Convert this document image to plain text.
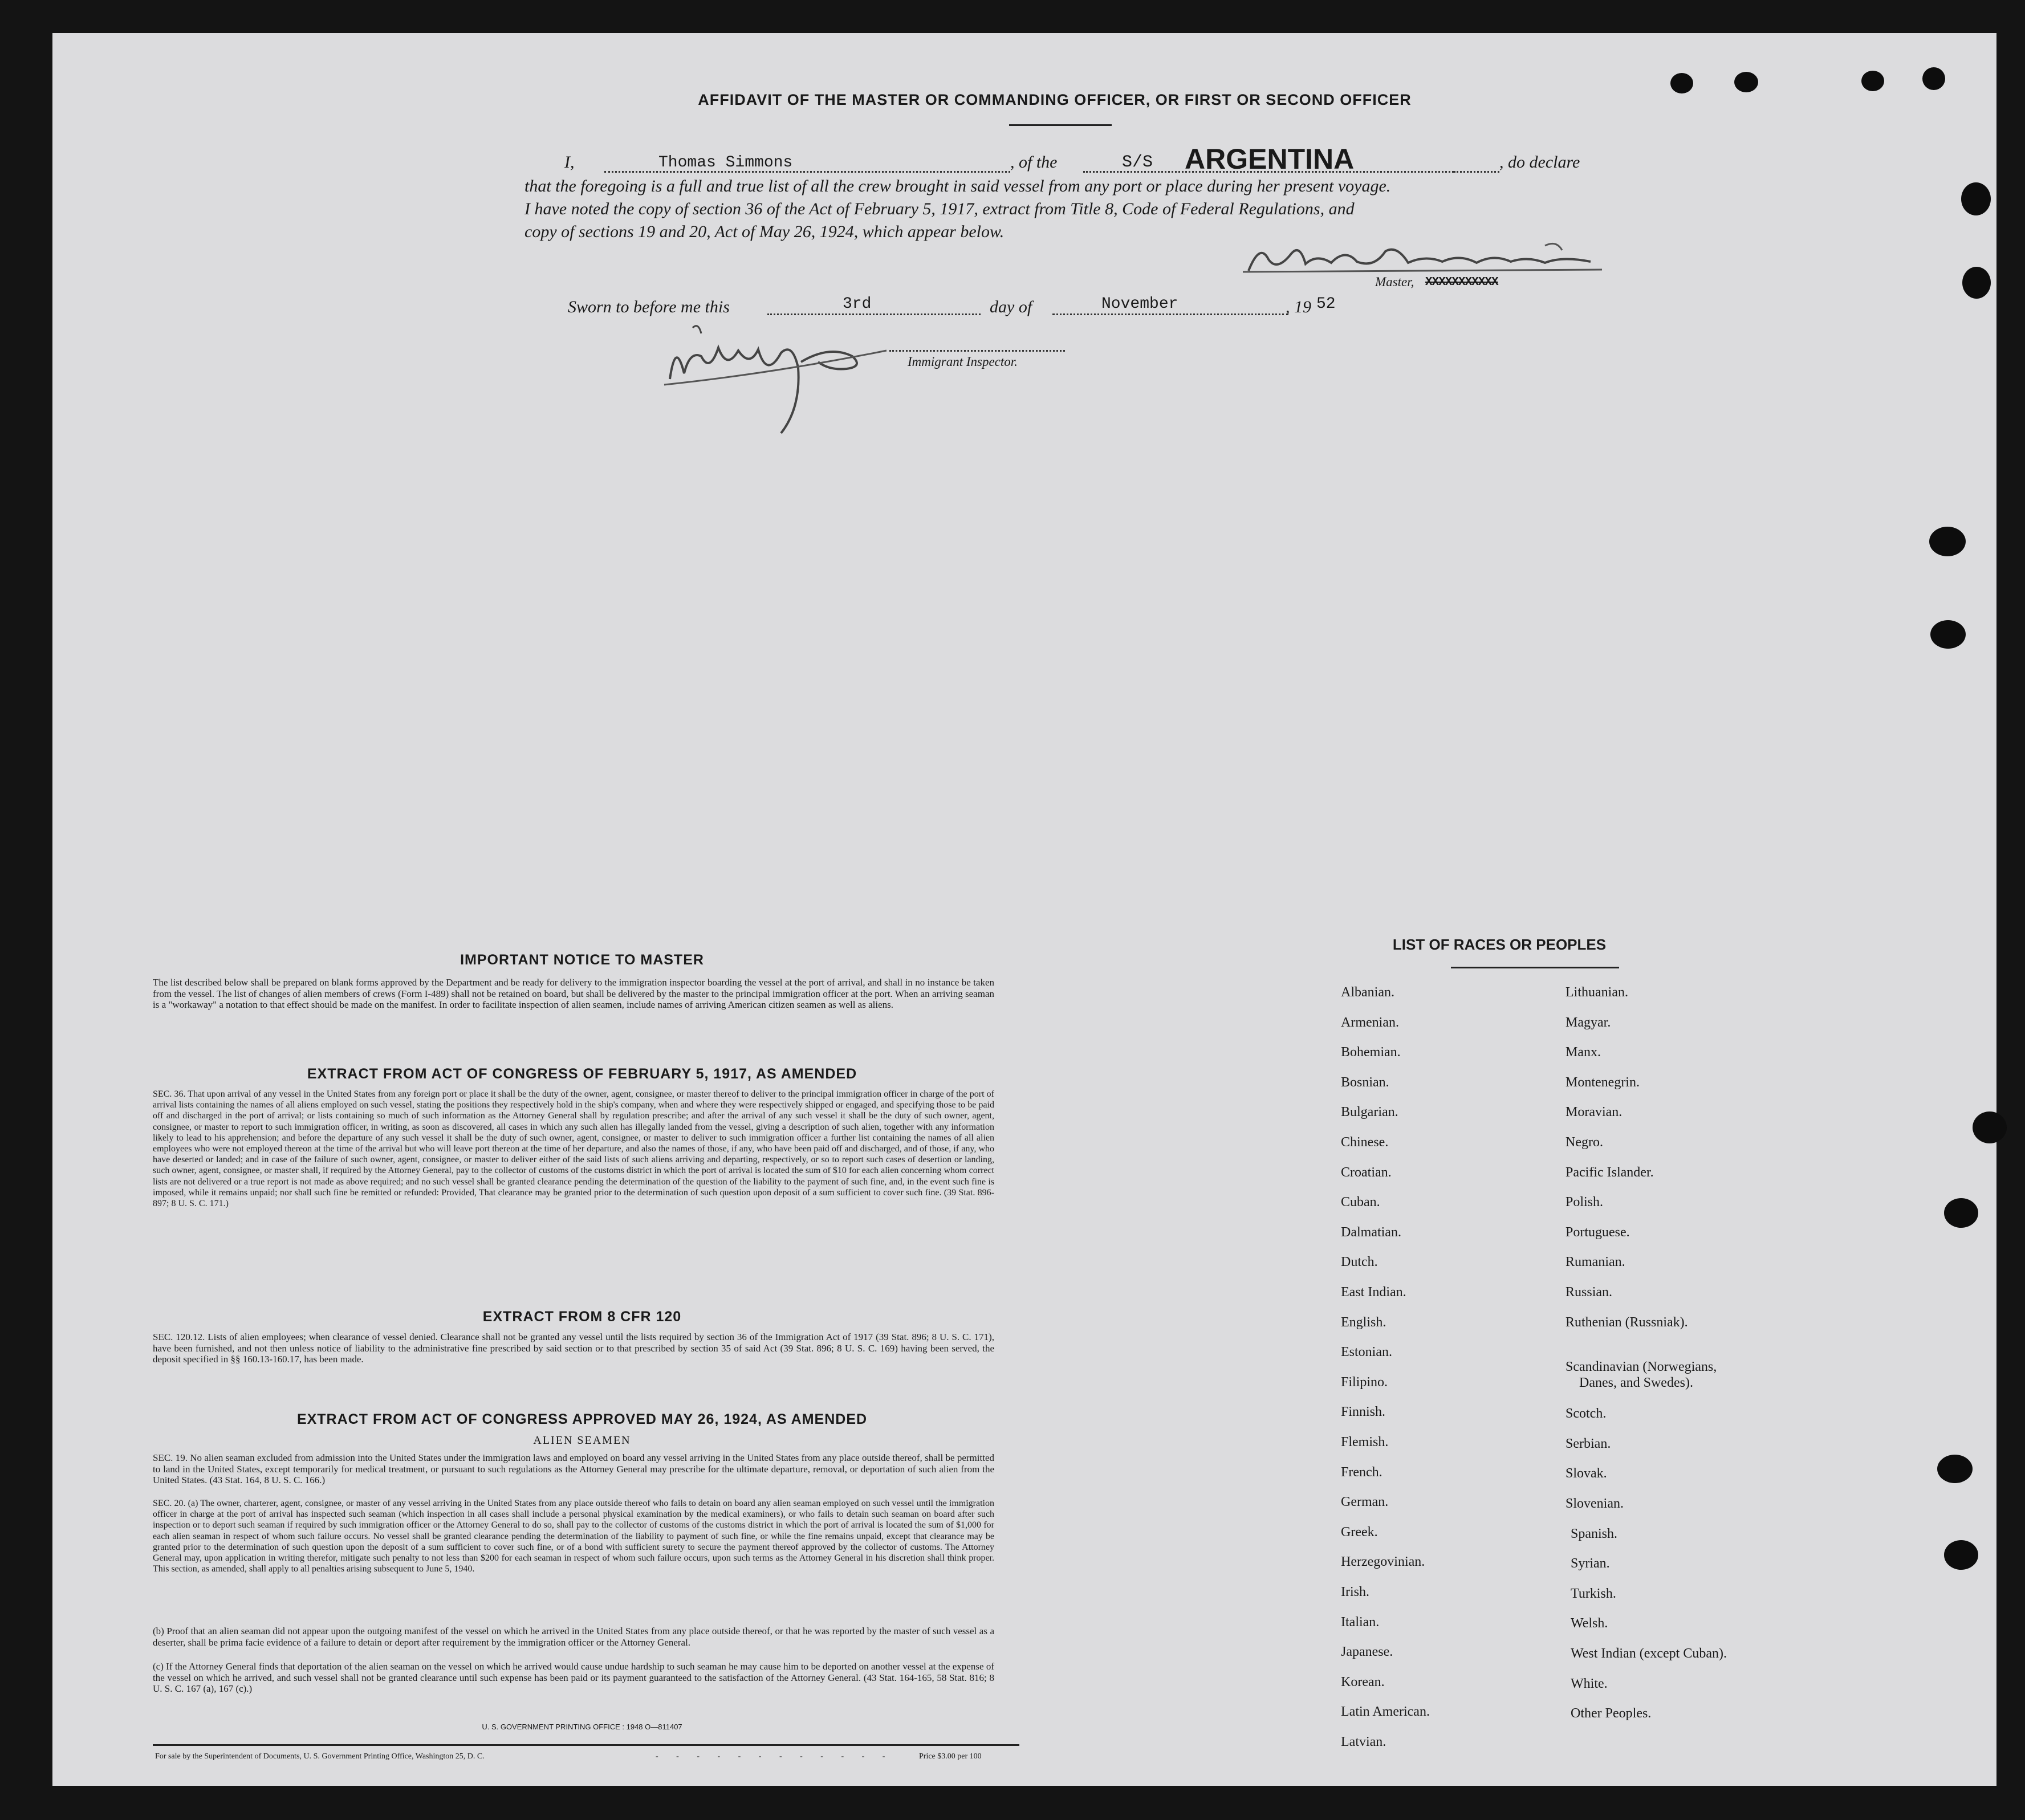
AFFIDAVIT OF THE MASTER OR COMMANDING OFFICER, OR FIRST OR SECOND OFFICER
I,	Thomas Simmons	, of the	S/S ARGENTINA	, do declare
that the foregoing is a full and true list of all the crew brought in said vessel from any port or place during her present voyage.
I have noted the copy of section 36 of the Act of February 5, 1917, extract from Title 8, Code of Federal Regulations, and
copy of sections 19 and 20, Act of May 26, 1924, which appear below.
Master, XXXXXXXXXXX
Sworn to before me this	3rd	day of	November	, 19 52
Immigrant Inspector.
IMPORTANT NOTICE TO MASTER

The list described below shall be prepared on blank forms approved by the Department and be ready for delivery to the immigration inspector boarding the vessel at the port of arrival, and shall in no instance be taken from the vessel. The list of changes of alien members of crews (Form I-489) shall not be retained on board, but shall be delivered by the master to the principal immigration officer at the port. When an arriving seaman is a "workaway" a notation to that effect should be made on the manifest. In order to facilitate inspection of alien seamen, include names of arriving American citizen seamen as well as aliens.

EXTRACT FROM ACT OF CONGRESS OF FEBRUARY 5, 1917, AS AMENDED

SEC. 36. That upon arrival of any vessel in the United States from any foreign port or place it shall be the duty of the owner, agent, consignee, or master thereof to deliver to the principal immigration officer in charge of the port of arrival lists containing the names of all aliens employed on such vessel, stating the positions they respectively hold in the ship's company, when and where they were respectively shipped or engaged, and specifying those to be paid off and discharged in the port of arrival; or lists containing so much of such information as the Attorney General shall by regulation prescribe; and after the arrival of any such vessel it shall be the duty of such owner, agent, consignee, or master to report to such immigration officer, in writing, as soon as discovered, all cases in which any such alien has illegally landed from the vessel, giving a description of such alien, together with any information likely to lead to his apprehension; and before the departure of any such vessel it shall be the duty of such owner, agent, consignee, or master to deliver to such immigration officer a further list containing the names of all alien employees who were not employed thereon at the time of the arrival but who will leave port thereon at the time of her departure, and also the names of those, if any, who have been paid off and discharged, and of those, if any, who have deserted or landed; and in case of the failure of such owner, agent, consignee, or master to deliver either of the said lists of such aliens arriving and departing, respectively, or so to report such cases of desertion or landing, such owner, agent, consignee, or master shall, if required by the Attorney General, pay to the collector of customs of the customs district in which the port of arrival is located the sum of $10 for each alien concerning whom correct lists are not delivered or a true report is not made as above required; and no such vessel shall be granted clearance pending the determination of the question of the liability to the payment of such fine, and, in the event such fine is imposed, while it remains unpaid; nor shall such fine be remitted or refunded: Provided, That clearance may be granted prior to the determination of such question upon deposit of a sum sufficient to cover such fine. (39 Stat. 896-897; 8 U. S. C. 171.)

EXTRACT FROM 8 CFR 120

SEC. 120.12. Lists of alien employees; when clearance of vessel denied. Clearance shall not be granted any vessel until the lists required by section 36 of the Immigration Act of 1917 (39 Stat. 896; 8 U. S. C. 171), have been furnished, and not then unless notice of liability to the administrative fine prescribed by said section or to that prescribed by section 35 of said Act (39 Stat. 896; 8 U. S. C. 169) having been served, the deposit specified in §§ 160.13-160.17, has been made.

EXTRACT FROM ACT OF CONGRESS APPROVED MAY 26, 1924, AS AMENDED
ALIEN SEAMEN

SEC. 19. No alien seaman excluded from admission into the United States under the immigration laws and employed on board any vessel arriving in the United States from any place outside thereof, shall be permitted to land in the United States, except temporarily for medical treatment, or pursuant to such regulations as the Attorney General may prescribe for the ultimate departure, removal, or deportation of such alien from the United States. (43 Stat. 164, 8 U. S. C. 166.)

SEC. 20. (a) The owner, charterer, agent, consignee, or master of any vessel arriving in the United States from any place outside thereof who fails to detain on board any alien seaman employed on such vessel until the immigration officer in charge at the port of arrival has inspected such seaman (which inspection in all cases shall include a personal physical examination by the medical examiners), or who fails to detain such seaman on board after such inspection or to deport such seaman if required by such immigration officer or the Attorney General to do so, shall pay to the collector of customs of the customs district in which the port of arrival is located the sum of $1,000 for each alien seaman in respect of whom such failure occurs. No vessel shall be granted clearance pending the determination of the liability to payment of such fine, or while the fine remains unpaid, except that clearance may be granted prior to the determination of such question upon the deposit of a sum sufficient to cover such fine, or of a bond with sufficient surety to secure the payment thereof approved by the collector of customs. The Attorney General may, upon application in writing therefor, mitigate such penalty to not less than $200 for each seaman in respect of whom such failure occurs, upon such terms as the Attorney General in his discretion shall think proper. This section, as amended, shall apply to all penalties arising subsequent to June 5, 1940.

(b) Proof that an alien seaman did not appear upon the outgoing manifest of the vessel on which he arrived in the United States from any place outside thereof, or that he was reported by the master of such vessel as a deserter, shall be prima facie evidence of a failure to detain or deport after requirement by the immigration officer or the Attorney General.

(c) If the Attorney General finds that deportation of the alien seaman on the vessel on which he arrived would cause undue hardship to such seaman he may cause him to be deported on another vessel at the expense of the vessel on which he arrived, and such vessel shall not be granted clearance until such expense has been paid or its payment guaranteed to the satisfaction of the Attorney General. (43 Stat. 164-165, 58 Stat. 816; 8 U. S. C. 167 (a), 167 (c).)

U. S. GOVERNMENT PRINTING OFFICE : 1948 O—811407
For sale by the Superintendent of Documents, U. S. Government Printing Office, Washington 25, D. C.	- - - - - - - - - - - -	Price $3.00 per 100
LIST OF RACES OR PEOPLES
Albanian.
Armenian.
Bohemian.
Bosnian.
Bulgarian.
Chinese.
Croatian.
Cuban.
Dalmatian.
Dutch.
East Indian.
English.
Estonian.
Filipino.
Finnish.
Flemish.
French.
German.
Greek.
Herzegovinian.
Irish.
Italian.
Japanese.
Korean.
Latin American.
Latvian.
Lithuanian.
Magyar.
Manx.
Montenegrin.
Moravian.
Negro.
Pacific Islander.
Polish.
Portuguese.
Rumanian.
Russian.
Ruthenian (Russniak).
Scandinavian (Norwegians,
Danes, and Swedes).
Scotch.
Serbian.
Slovak.
Slovenian.
Spanish.
Syrian.
Turkish.
Welsh.
West Indian (except Cuban).
White.
Other Peoples.
